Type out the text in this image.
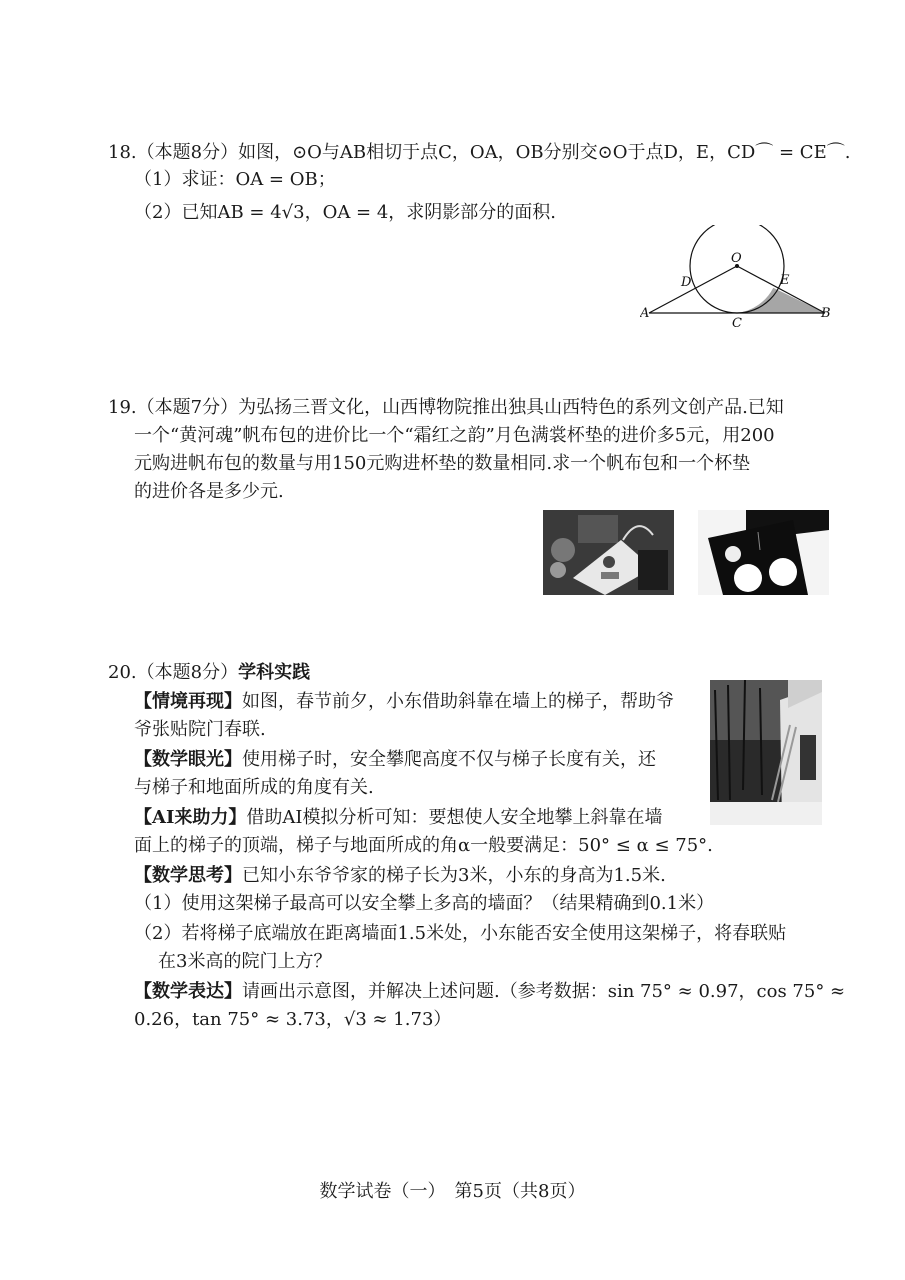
18.（本题8分）如图，⊙O与AB相切于点C，OA，OB分别交⊙O于点D，E，CD⌒ = CE⌒.
（1）求证：OA = OB；
（2）已知AB = 4√3，OA = 4，求阴影部分的面积.
O
D	E
A
C
B
19.（本题7分）为弘扬三晋文化，山西博物院推出独具山西特色的系列文创产品.已知
一个“黄河魂”帆布包的进价比一个“霜红之韵”月色满裳杯垫的进价多5元，用200
元购进帆布包的数量与用150元购进杯垫的数量相同.求一个帆布包和一个杯垫
的进价各是多少元.
20.（本题8分）学科实践
【情境再现】如图，春节前夕，小东借助斜靠在墙上的梯子，帮助爷
爷张贴院门春联.
【数学眼光】使用梯子时，安全攀爬高度不仅与梯子长度有关，还
与梯子和地面所成的角度有关.
【AI来助力】借助AI模拟分析可知：要想使人安全地攀上斜靠在墙
面上的梯子的顶端，梯子与地面所成的角α一般要满足：50° ≤ α ≤ 75°.
【数学思考】已知小东爷爷家的梯子长为3米，小东的身高为1.5米.
（1）使用这架梯子最高可以安全攀上多高的墙面？（结果精确到0.1米）
（2）若将梯子底端放在距离墙面1.5米处，小东能否安全使用这架梯子，将春联贴
在3米高的院门上方？
【数学表达】请画出示意图，并解决上述问题.（参考数据：sin 75° ≈ 0.97，cos 75° ≈
0.26，tan 75° ≈ 3.73，√3 ≈ 1.73）
数学试卷（一）　第5页（共8页）
